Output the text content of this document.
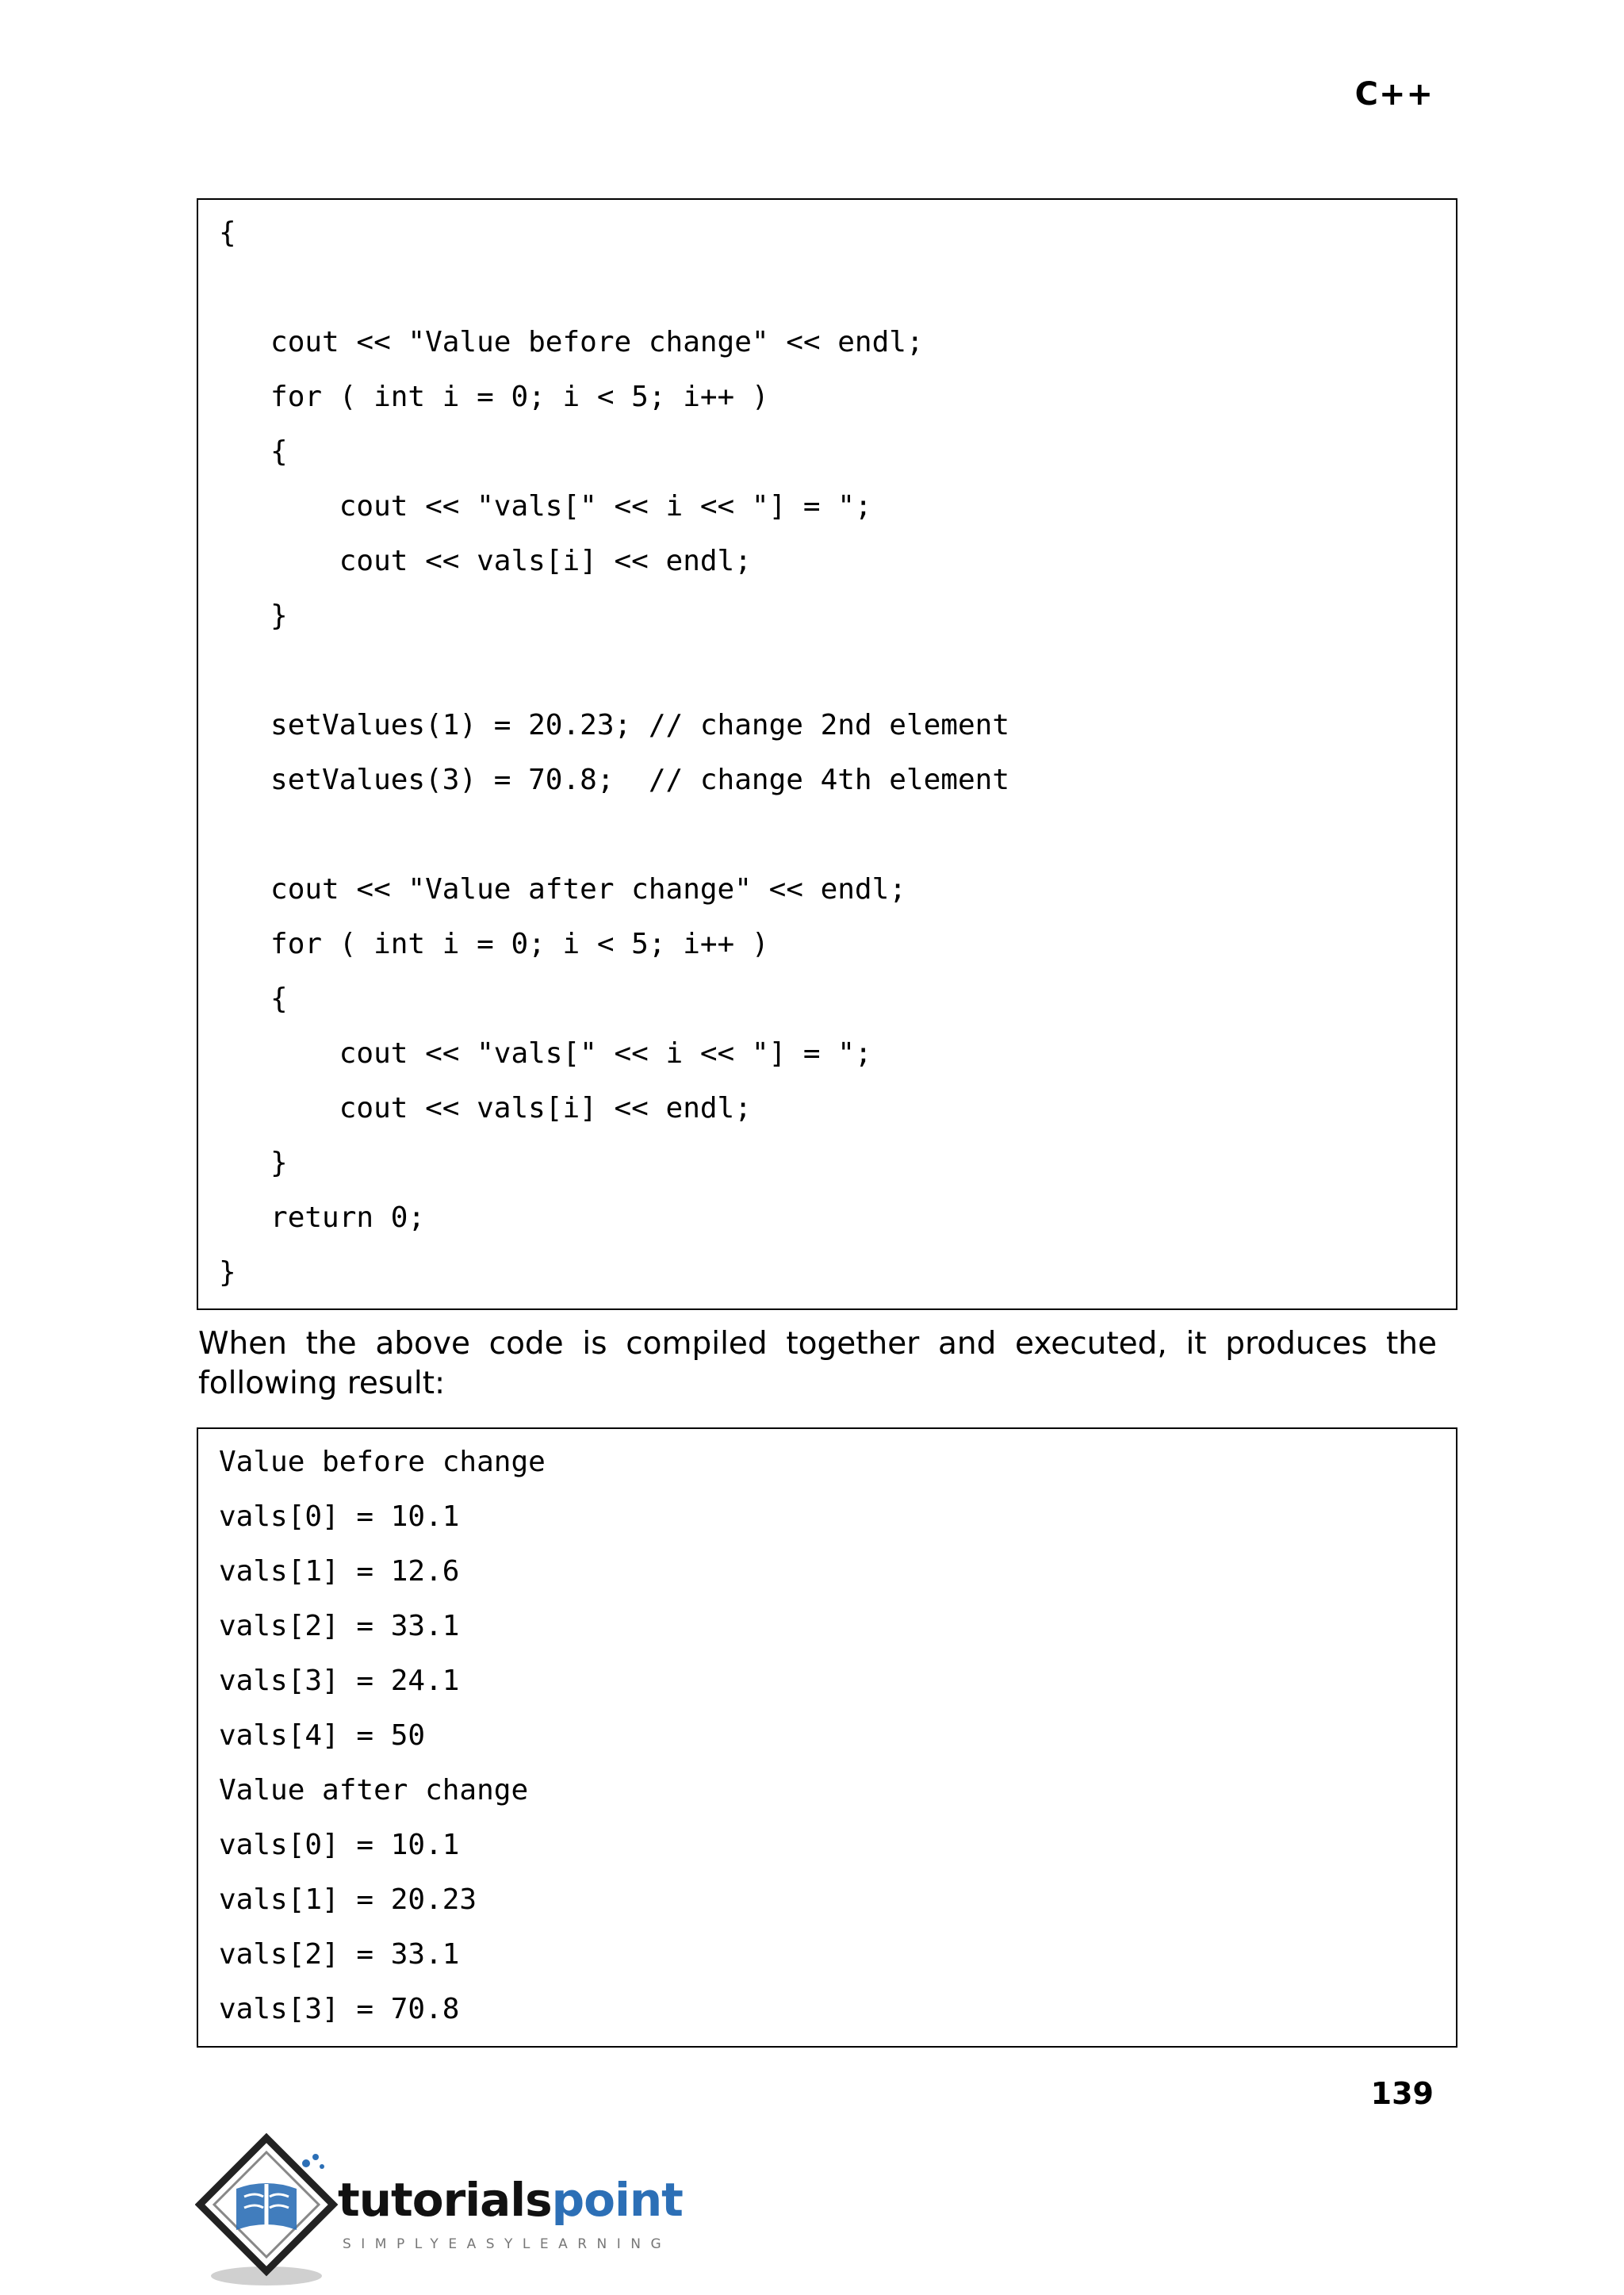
C++
{
cout << "Value before change" << endl;
for ( int i = 0; i < 5; i++ )
{
cout << "vals[" << i << "] = ";
cout << vals[i] << endl;
}
setValues(1) = 20.23; // change 2nd element
setValues(3) = 70.8;  // change 4th element
cout << "Value after change" << endl;
for ( int i = 0; i < 5; i++ )
{
cout << "vals[" << i << "] = ";
cout << vals[i] << endl;
}
return 0;
}
When the above code is compiled together and executed, it produces the following result:
Value before change
vals[0] = 10.1
vals[1] = 12.6
vals[2] = 33.1
vals[3] = 24.1
vals[4] = 50
Value after change
vals[0] = 10.1
vals[1] = 20.23
vals[2] = 33.1
vals[3] = 70.8
139
tutorialspoint
SIMPLYEASYLEARNING
